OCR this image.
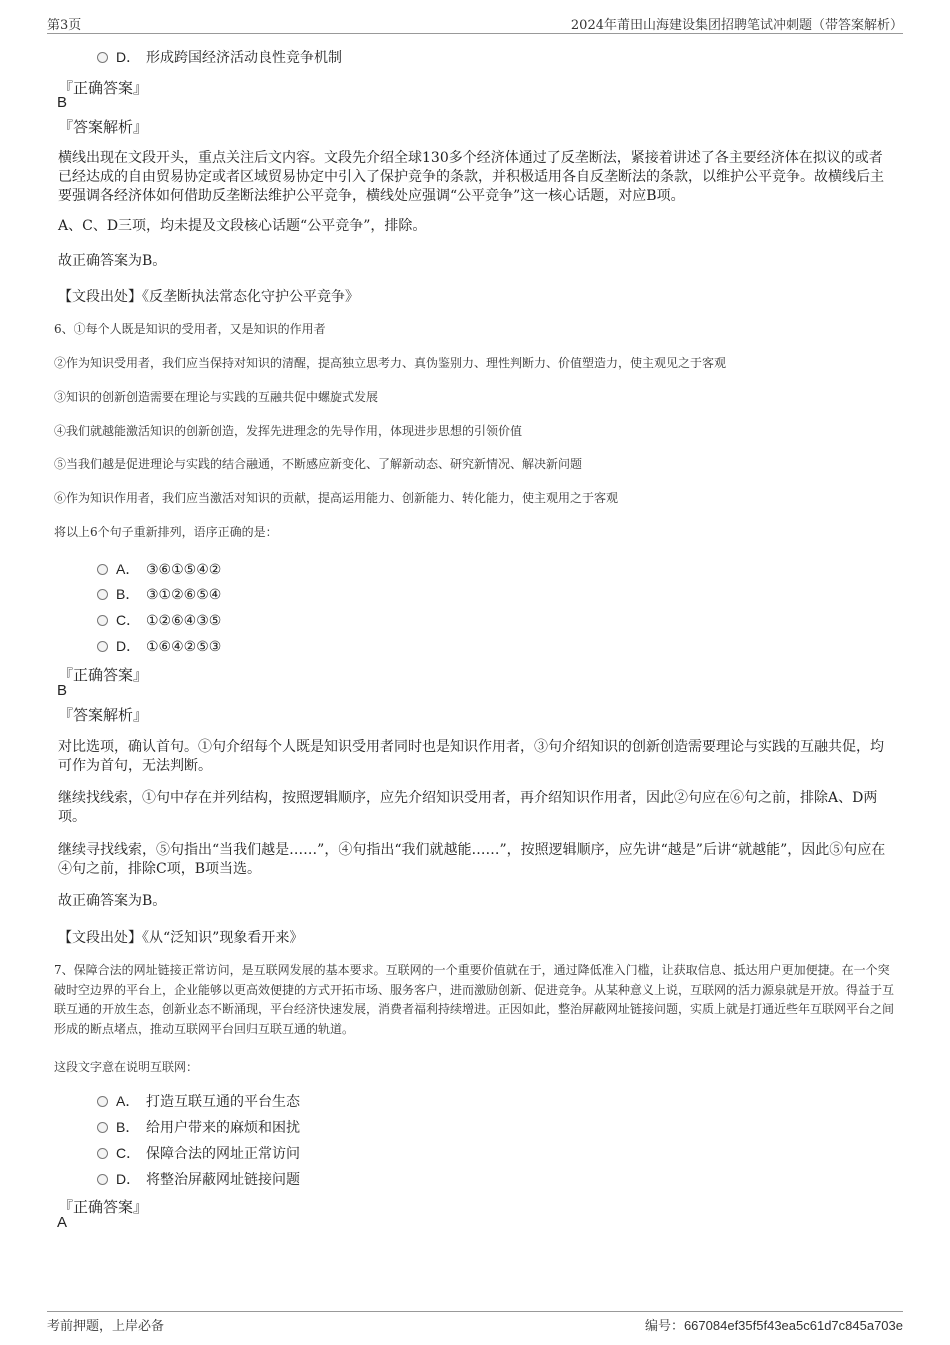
第3页	2024年莆田山海建设集团招聘笔试冲刺题（带答案解析）
D． 形成跨国经济活动良性竞争机制
『正确答案』
B
『答案解析』
横线出现在文段开头，重点关注后文内容。文段先介绍全球130多个经济体通过了反垄断法，紧接着讲述了各主要经济体在拟议的或者已经达成的自由贸易协定或者区域贸易协定中引入了保护竞争的条款，并积极适用各自反垄断法的条款，以维护公平竞争。故横线后主要强调各经济体如何借助反垄断法维护公平竞争，横线处应强调“公平竞争”这一核心话题，对应B项。
A、C、D三项，均未提及文段核心话题“公平竞争”，排除。
故正确答案为B。
【文段出处】《反垄断执法常态化守护公平竞争》
6、①每个人既是知识的受用者，又是知识的作用者
②作为知识受用者，我们应当保持对知识的清醒，提高独立思考力、真伪鉴别力、理性判断力、价值塑造力，使主观见之于客观
③知识的创新创造需要在理论与实践的互融共促中螺旋式发展
④我们就越能激活知识的创新创造，发挥先进理念的先导作用，体现进步思想的引领价值
⑤当我们越是促进理论与实践的结合融通，不断感应新变化、了解新动态、研究新情况、解决新问题
⑥作为知识作用者，我们应当激活对知识的贡献，提高运用能力、创新能力、转化能力，使主观用之于客观
将以上6个句子重新排列，语序正确的是：
A． ③⑥①⑤④②
B． ③①②⑥⑤④
C． ①②⑥④③⑤
D． ①⑥④②⑤③
『正确答案』
B
『答案解析』
对比选项，确认首句。①句介绍每个人既是知识受用者同时也是知识作用者，③句介绍知识的创新创造需要理论与实践的互融共促，均可作为首句，无法判断。
继续找线索，①句中存在并列结构，按照逻辑顺序，应先介绍知识受用者，再介绍知识作用者，因此②句应在⑥句之前，排除A、D两项。
继续寻找线索，⑤句指出“当我们越是……”，④句指出“我们就越能……”，按照逻辑顺序，应先讲“越是”后讲“就越能”，因此⑤句应在④句之前，排除C项，B项当选。
故正确答案为B。
【文段出处】《从“泛知识”现象看开来》
7、保障合法的网址链接正常访问，是互联网发展的基本要求。互联网的一个重要价值就在于，通过降低准入门槛，让获取信息、抵达用户更加便捷。在一个突破时空边界的平台上，企业能够以更高效便捷的方式开拓市场、服务客户，进而激励创新、促进竞争。从某种意义上说，互联网的活力源泉就是开放。得益于互联互通的开放生态，创新业态不断涌现，平台经济快速发展，消费者福利持续增进。正因如此，整治屏蔽网址链接问题，实质上就是打通近些年互联网平台之间形成的断点堵点，推动互联网平台回归互联互通的轨道。
这段文字意在说明互联网：
A． 打造互联互通的平台生态
B． 给用户带来的麻烦和困扰
C． 保障合法的网址正常访问
D． 将整治屏蔽网址链接问题
『正确答案』
A
考前押题，上岸必备	编号：667084ef35f5f43ea5c61d7c845a703e
